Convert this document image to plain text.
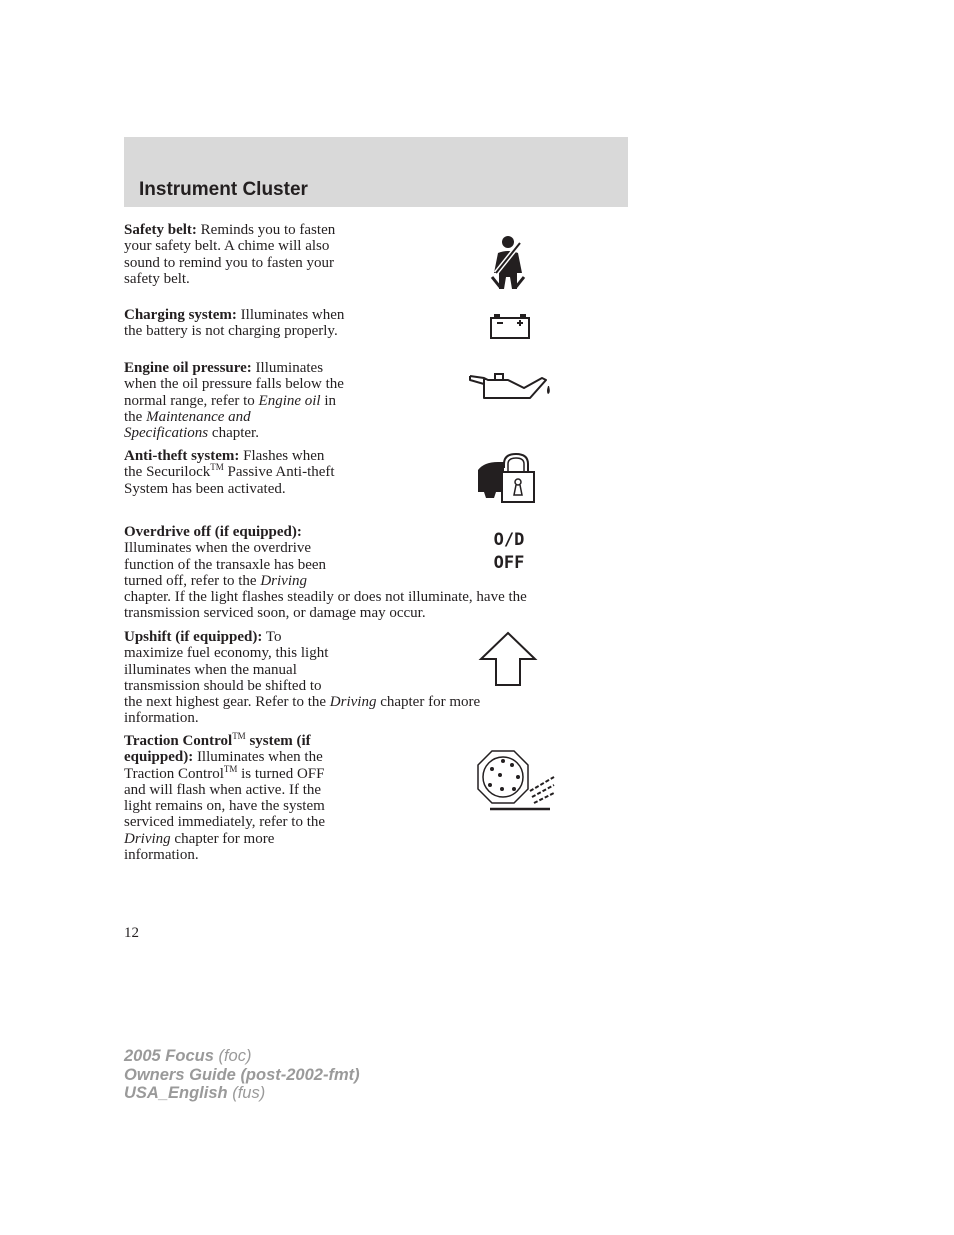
Instrument Cluster
Safety belt: Reminds you to fasten
your safety belt. A chime will also
sound to remind you to fasten your
safety belt.
Charging system: Illuminates when
the battery is not charging properly.
Engine oil pressure: Illuminates
when the oil pressure falls below the
normal range, refer to Engine oil in
the Maintenance and
Specifications chapter.
Anti-theft system: Flashes when
the Securilock™ Passive Anti-theft
System has been activated.
Overdrive off (if equipped):
Illuminates when the overdrive
function of the transaxle has been
turned off, refer to the Driving
chapter. If the light flashes steadily or does not illuminate, have the
transmission serviced soon, or damage may occur.
O/D
OFF
Upshift (if equipped): To
maximize fuel economy, this light
illuminates when the manual
transmission should be shifted to
the next highest gear. Refer to the Driving chapter for more
information.
Traction Control™ system (if
equipped): Illuminates when the
Traction Control™ is turned OFF
and will flash when active. If the
light remains on, have the system
serviced immediately, refer to the
Driving chapter for more
information.
12
2005 Focus (foc)
Owners Guide (post-2002-fmt)
USA_English (fus)
